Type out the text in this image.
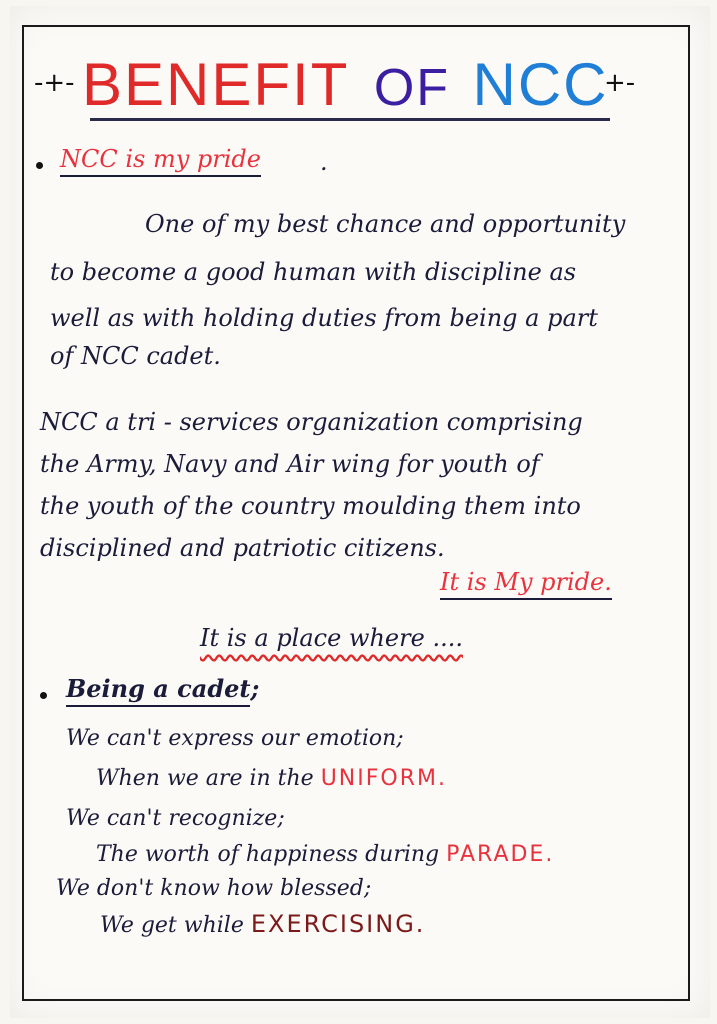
-+-	+-
BENEFIT OF NCC
NCC is my pride .
One of my best chance and opportunity
to become a good human with discipline as
well as with holding duties from being a part
of NCC cadet.
NCC a tri - services organization comprising
the Army, Navy and Air wing for youth of
the youth of the country moulding them into
disciplined and patriotic citizens.
It is My pride.
It is a place where ....
Being a cadet;
We can't express our emotion;
When we are in the UNIFORM.
We can't recognize;
The worth of happiness during PARADE.
We don't know how blessed;
We get while EXERCISING.
